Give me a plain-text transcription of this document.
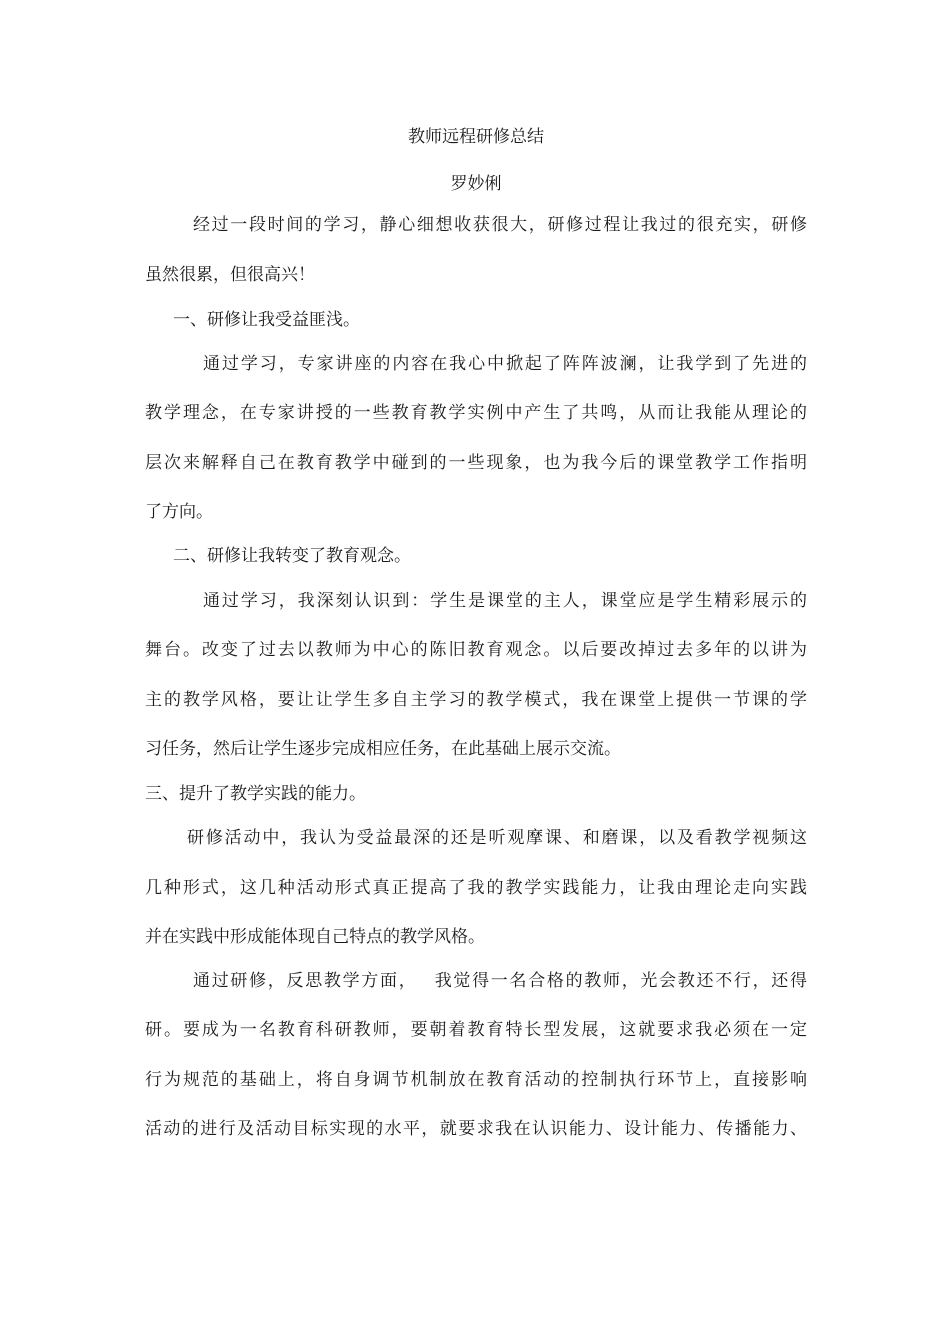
教师远程研修总结
罗妙俐
经过一段时间的学习，静心细想收获很大，研修过程让我过的很充实，研修
虽然很累，但很高兴！
一、研修让我受益匪浅。
通过学习，专家讲座的内容在我心中掀起了阵阵波澜，让我学到了先进的
教学理念，在专家讲授的一些教育教学实例中产生了共鸣，从而让我能从理论的
层次来解释自己在教育教学中碰到的一些现象，也为我今后的课堂教学工作指明
了方向。
二、研修让我转变了教育观念。
通过学习，我深刻认识到：学生是课堂的主人，课堂应是学生精彩展示的
舞台。改变了过去以教师为中心的陈旧教育观念。以后要改掉过去多年的以讲为
主的教学风格，要让让学生多自主学习的教学模式，我在课堂上提供一节课的学
习任务，然后让学生逐步完成相应任务，在此基础上展示交流。
三、提升了教学实践的能力。
研修活动中，我认为受益最深的还是听观摩课、和磨课，以及看教学视频这
几种形式，这几种活动形式真正提高了我的教学实践能力，让我由理论走向实践
并在实践中形成能体现自己特点的教学风格。
通过研修，反思教学方面，　 我觉得一名合格的教师，光会教还不行，还得
研。要成为一名教育科研教师，要朝着教育特长型发展，这就要求我必须在一定
行为规范的基础上，将自身调节机制放在教育活动的控制执行环节上，直接影响
活动的进行及活动目标实现的水平，就要求我在认识能力、设计能力、传播能力、
